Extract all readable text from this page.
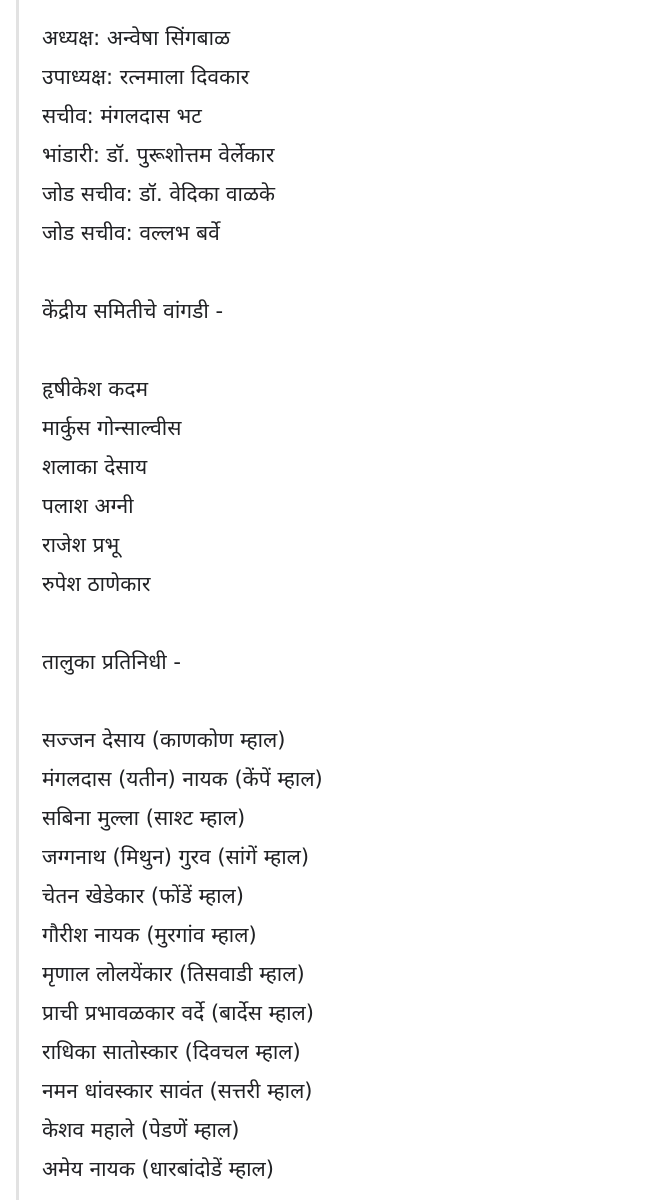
अध्यक्ष: अन्वेषा सिंगबाळ
उपाध्यक्ष: रत्नमाला दिवकार
सचीव: मंगलदास भट
भांडारी: डॉ. पुरूशोत्तम वेर्लेकार
जोड सचीव: डॉ. वेदिका वाळके
जोड सचीव: वल्लभ बर्वे
केंद्रीय समितीचे वांगडी -
हृषीकेश कदम
मार्कुस गोन्साल्वीस
शलाका देसाय
पलाश अग्नी
राजेश प्रभू
रुपेश ठाणेकार
तालुका प्रतिनिधी -
सज्जन देसाय (काणकोण म्हाल)
मंगलदास (यतीन) नायक (केंपें म्हाल)
सबिना मुल्ला (साश्ट म्हाल)
जग्गनाथ (मिथुन) गुरव (सांगें म्हाल)
चेतन खेडेकार (फोंडें म्हाल)
गौरीश नायक (मुरगांव म्हाल)
मृणाल लोलयेंकार (तिसवाडी म्हाल)
प्राची प्रभावळकार वर्दे (बार्देस म्हाल)
राधिका सातोस्कार (दिवचल म्हाल)
नमन धांवस्कार सावंत (सत्तरी म्हाल)
केशव महाले (पेडणें म्हाल)
अमेय नायक (धारबांदोडें म्हाल)
